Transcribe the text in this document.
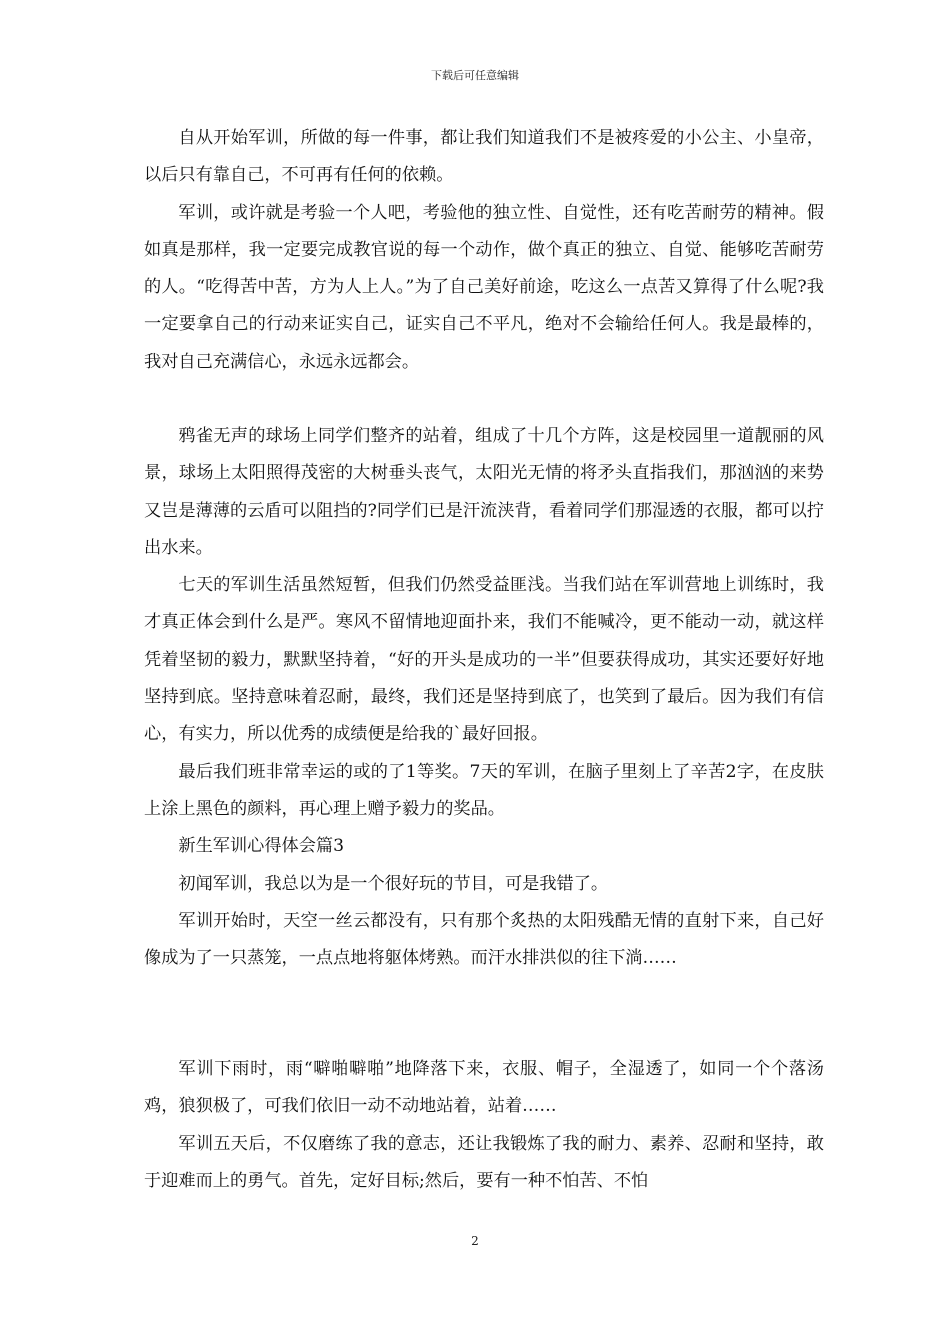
下载后可任意编辑

自从开始军训，所做的每一件事，都让我们知道我们不是被疼爱的小公主、小皇帝，以后只有靠自己，不可再有任何的依赖。

军训，或许就是考验一个人吧，考验他的独立性、自觉性，还有吃苦耐劳的精神。假如真是那样，我一定要完成教官说的每一个动作，做个真正的独立、自觉、能够吃苦耐劳的人。“吃得苦中苦，方为人上人。”为了自己美好前途，吃这么一点苦又算得了什么呢?我一定要拿自己的行动来证实自己，证实自己不平凡，绝对不会输给任何人。我是最棒的，我对自己充满信心，永远永远都会。

鸦雀无声的球场上同学们整齐的站着，组成了十几个方阵，这是校园里一道靓丽的风景，球场上太阳照得茂密的大树垂头丧气，太阳光无情的将矛头直指我们，那汹汹的来势又岂是薄薄的云盾可以阻挡的?同学们已是汗流浃背，看着同学们那湿透的衣服，都可以拧出水来。

七天的军训生活虽然短暂，但我们仍然受益匪浅。当我们站在军训营地上训练时，我才真正体会到什么是严。寒风不留情地迎面扑来，我们不能喊冷，更不能动一动，就这样凭着坚韧的毅力，默默坚持着，“好的开头是成功的一半”但要获得成功，其实还要好好地坚持到底。坚持意味着忍耐，最终，我们还是坚持到底了，也笑到了最后。因为我们有信心，有实力，所以优秀的成绩便是给我的`最好回报。

最后我们班非常幸运的或的了1等奖。7天的军训，在脑子里刻上了辛苦2字，在皮肤上涂上黑色的颜料，再心理上赠予毅力的奖品。

新生军训心得体会篇3

初闻军训，我总以为是一个很好玩的节目，可是我错了。

军训开始时，天空一丝云都没有，只有那个炙热的太阳残酷无情的直射下来，自己好像成为了一只蒸笼，一点点地将躯体烤熟。而汗水排洪似的往下淌……

军训下雨时，雨“噼啪噼啪”地降落下来，衣服、帽子，全湿透了，如同一个个落汤鸡，狼狈极了，可我们依旧一动不动地站着，站着……

军训五天后，不仅磨练了我的意志，还让我锻炼了我的耐力、素养、忍耐和坚持，敢于迎难而上的勇气。首先，定好目标;然后，要有一种不怕苦、不怕

2
